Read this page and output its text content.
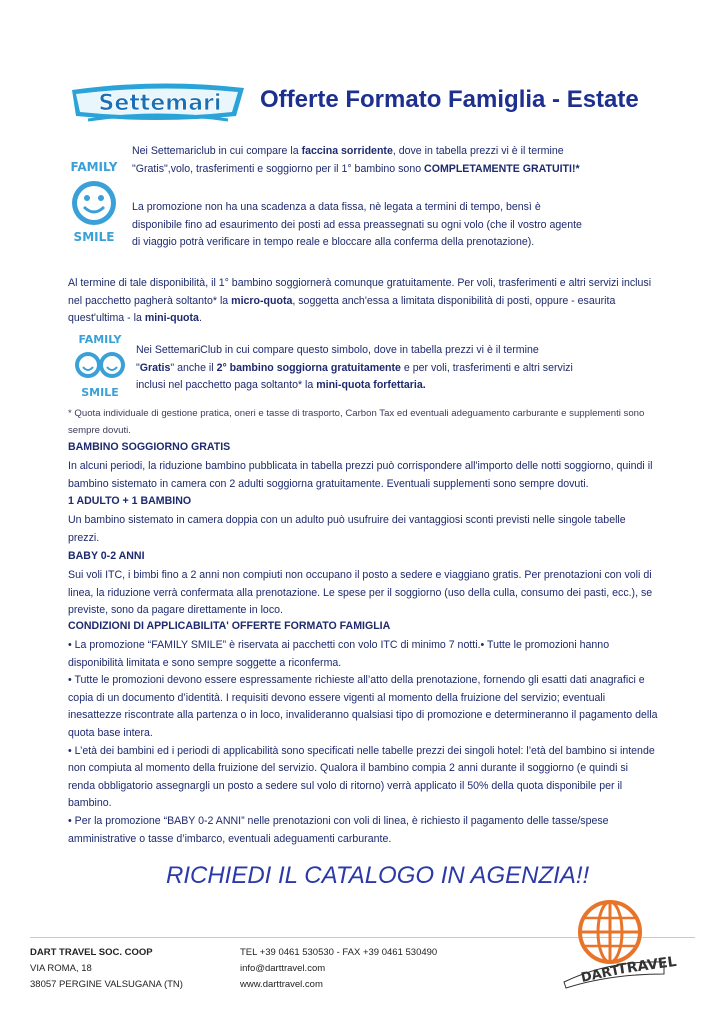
Settemari Offerte Formato Famiglia - Estate
FAMILY
SMILE
Nei Settemariclub in cui compare la faccina sorridente, dove in tabella prezzi vi è il termine "Gratis",volo, trasferimenti e soggiorno per il 1° bambino sono COMPLETAMENTE GRATUITI!*
La promozione non ha una scadenza a data fissa, nè legata a termini di tempo, bensì è disponibile fino ad esaurimento dei posti ad essa preassegnati su ogni volo (che il vostro agente di viaggio potrà verificare in tempo reale e bloccare alla conferma della prenotazione).
Al termine di tale disponibilità, il 1° bambino soggiornerà comunque gratuitamente. Per voli, trasferimenti e altri servizi inclusi nel pacchetto pagherà soltanto* la micro-quota, soggetta anch'essa a limitata disponibilità di posti, oppure - esaurita quest'ultima - la mini-quota.
FAMILY
SMILE
Nei SettemariClub in cui compare questo simbolo, dove in tabella prezzi vi è il termine "Gratis" anche il 2° bambino soggiorna gratuitamente e per voli, trasferimenti e altri servizi inclusi nel pacchetto paga soltanto* la mini-quota forfettaria.
* Quota individuale di gestione pratica, oneri e tasse di trasporto, Carbon Tax ed eventuali adeguamento carburante e supplementi sono sempre dovuti.
BAMBINO SOGGIORNO GRATIS
In alcuni periodi, la riduzione bambino pubblicata in tabella prezzi può corrispondere all'importo delle notti soggiorno, quindi il bambino sistemato in camera con 2 adulti soggiorna gratuitamente. Eventuali supplementi sono sempre dovuti.
1 ADULTO + 1 BAMBINO
Un bambino sistemato in camera doppia con un adulto può usufruire dei vantaggiosi sconti previsti nelle singole tabelle prezzi.
BABY 0-2 ANNI
Sui voli ITC, i bimbi fino a 2 anni non compiuti non occupano il posto a sedere e viaggiano gratis. Per prenotazioni con voli di linea, la riduzione verrà confermata alla prenotazione. Le spese per il soggiorno (uso della culla, consumo dei pasti, ecc.), se previste, sono da pagare direttamente in loco.
CONDIZIONI DI APPLICABILITA' OFFERTE FORMATO FAMIGLIA
• La promozione “FAMILY SMILE” è riservata ai pacchetti con volo ITC di minimo 7 notti.• Tutte le promozioni hanno disponibilità limitata e sono sempre soggette a riconferma.
• Tutte le promozioni devono essere espressamente richieste all’atto della prenotazione, fornendo gli esatti dati anagrafici e copia di un documento d’identità. I requisiti devono essere vigenti al momento della fruizione del servizio; eventuali inesattezze riscontrate alla partenza o in loco, invalideranno qualsiasi tipo di promozione e determineranno il pagamento della quota base intera.
• L’età dei bambini ed i periodi di applicabilità sono specificati nelle tabelle prezzi dei singoli hotel: l’età del bambino si intende non compiuta al momento della fruizione del servizio. Qualora il bambino compia 2 anni durante il soggiorno (e quindi si renda obbligatorio assegnargli un posto a sedere sul volo di ritorno) verrà applicato il 50% della quota disponibile per il bambino.
• Per la promozione “BABY 0-2 ANNI” nelle prenotazioni con voli di linea, è richiesto il pagamento delle tasse/spese amministrative o tasse d’imbarco, eventuali adeguamenti carburante.
RICHIEDI IL CATALOGO IN AGENZIA!!
DART TRAVEL SOC. COOP
VIA ROMA, 18
38057 PERGINE VALSUGANA (TN)
TEL +39 0461 530530 - FAX +39 0461 530490
info@darttravel.com
www.darttravel.com	DART
TRAVEL
